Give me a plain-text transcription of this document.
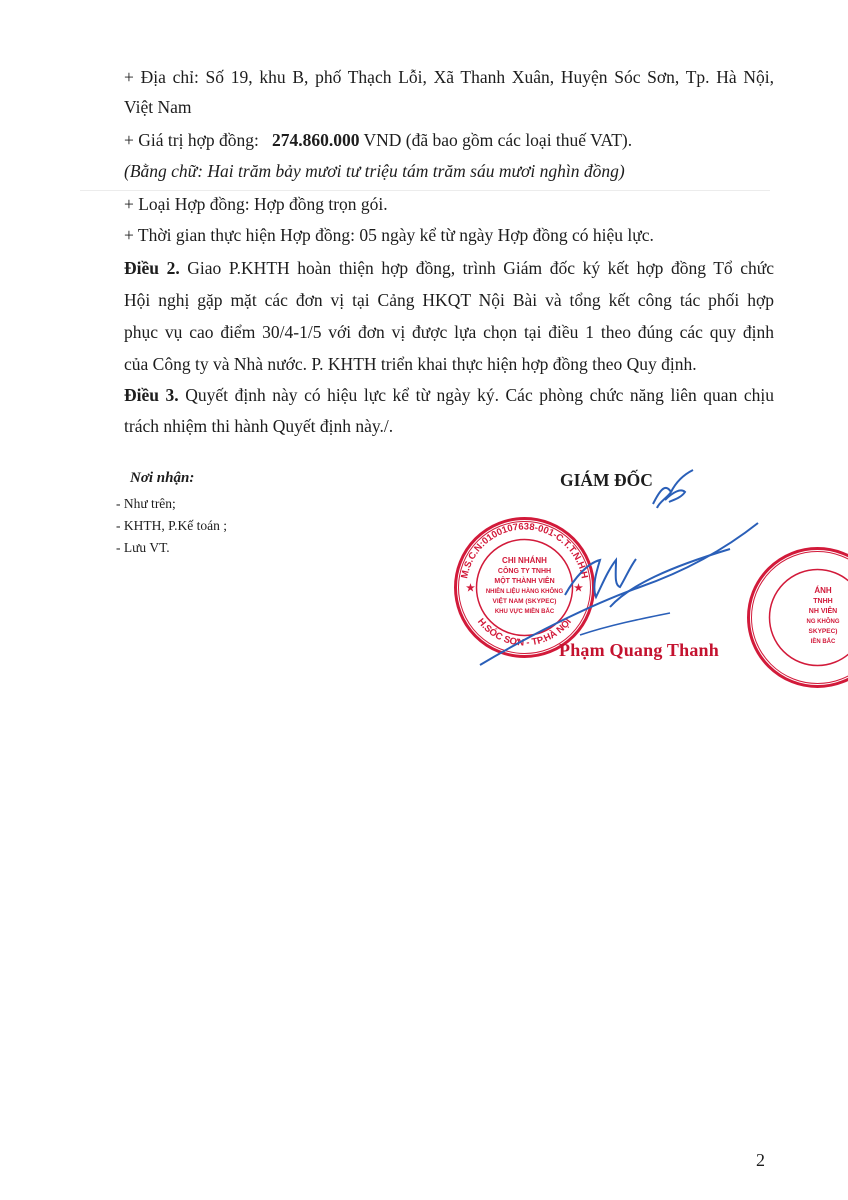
+ Địa chỉ: Số 19, khu B, phố Thạch Lỗi, Xã Thanh Xuân, Huyện Sóc Sơn, Tp. Hà Nội,
Việt Nam
+ Giá trị hợp đồng: 274.860.000 VND (đã bao gồm các loại thuế VAT).
(Bằng chữ: Hai trăm bảy mươi tư triệu tám trăm sáu mươi nghìn đồng)
+ Loại Hợp đồng: Hợp đồng trọn gói.
+ Thời gian thực hiện Hợp đồng: 05 ngày kể từ ngày Hợp đồng có hiệu lực.
Điều 2. Giao P.KHTH hoàn thiện hợp đồng, trình Giám đốc ký kết hợp đồng Tổ chức
Hội nghị gặp mặt các đơn vị tại Cảng HKQT Nội Bài và tổng kết công tác phối hợp
phục vụ cao điểm 30/4-1/5 với đơn vị được lựa chọn tại điều 1 theo đúng các quy định
của Công ty và Nhà nước. P. KHTH triển khai thực hiện hợp đồng theo Quy định.
Điều 3. Quyết định này có hiệu lực kể từ ngày ký. Các phòng chức năng liên quan chịu
trách nhiệm thi hành Quyết định này./.
Nơi nhận:
- Như trên;
- KHTH, P.Kế toán ;
- Lưu VT.
GIÁM ĐỐC
M.S.C.N:0100107638-001-C.T.T.N.H.H
H.SÓC SƠN - TP.HÀ NỘI
CHI NHÁNH
CÔNG TY TNHH
MỘT THÀNH VIÊN
NHIÊN LIỆU HÀNG KHÔNG
VIỆT NAM (SKYPEC)
KHU VỰC MIỀN BẮC
★	★	ÁNH
TNHH
NH VIÊN
NG KHÔNG
SKYPEC)
IỀN BẮC
Phạm Quang Thanh
2
